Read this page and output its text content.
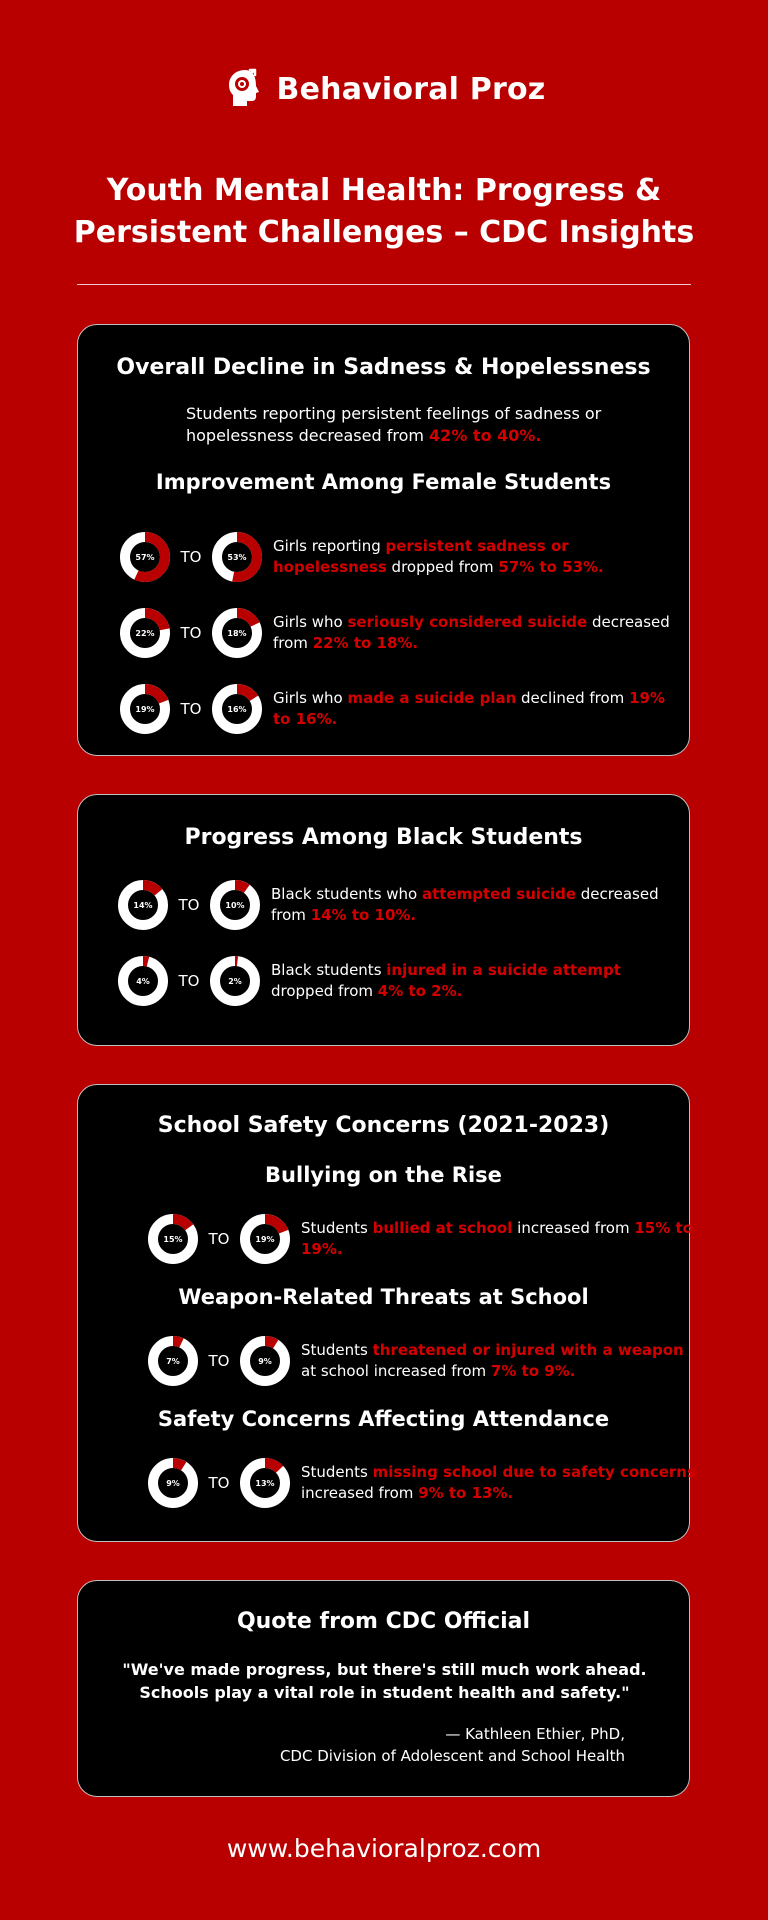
Behavioral Proz
Youth Mental Health: Progress & Persistent Challenges – CDC Insights
Overall Decline in Sadness & Hopelessness
Students reporting persistent feelings of sadness or hopelessness decreased from 42% to 40%.
Improvement Among Female Students
57%	TO	53%
Girls reporting persistent sadness or hopelessness dropped from 57% to 53%.
22%	TO	18%
Girls who seriously considered suicide decreased from 22% to 18%.
19%	TO	16%
Girls who made a suicide plan declined from 19% to 16%.
Progress Among Black Students
14%	TO	10%
Black students who attempted suicide decreased from 14% to 10%.
4%	TO	2%
Black students injured in a suicide attempt dropped from 4% to 2%.
School Safety Concerns (2021-2023)
Bullying on the Rise
Weapon-Related Threats at School
Safety Concerns Affecting Attendance
15%	TO	19%
Students bullied at school increased from 15% to 19%.
7%	TO	9%
Students threatened or injured with a weapon at school increased from 7% to 9%.
9%	TO	13%
Students missing school due to safety concerns increased from 9% to 13%.
Quote from CDC Official
"We've made progress, but there's still much work ahead. Schools play a vital role in student health and safety."
— Kathleen Ethier, PhD,
CDC Division of Adolescent and School Health
www.behavioralproz.com
